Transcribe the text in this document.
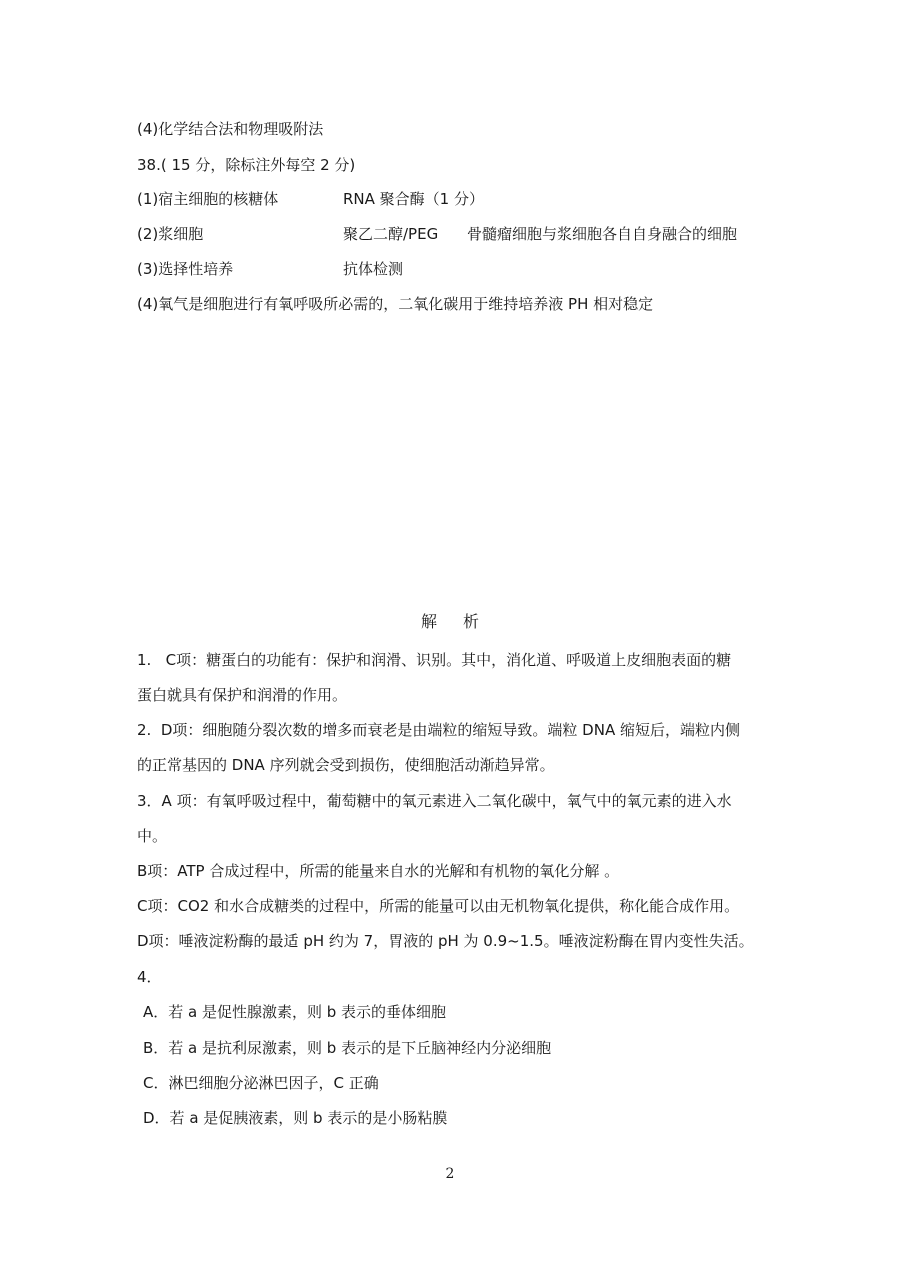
(4)化学结合法和物理吸附法
38.( 15 分，除标注外每空 2 分)
(1)宿主细胞的核糖体	RNA 聚合酶（1 分）
(2)浆细胞	聚乙二醇/PEG 骨髓瘤细胞与浆细胞各自自身融合的细胞
(3)选择性培养	抗体检测
(4)氧气是细胞进行有氧呼吸所必需的，二氧化碳用于维持培养液 PH 相对稳定
解析
1.   C项：糖蛋白的功能有：保护和润滑、识别。其中，消化道、呼吸道上皮细胞表面的糖
蛋白就具有保护和润滑的作用。
2.  D项：细胞随分裂次数的增多而衰老是由端粒的缩短导致。端粒 DNA 缩短后，端粒内侧
的正常基因的 DNA 序列就会受到损伤，使细胞活动渐趋异常。
3．A 项：有氧呼吸过程中，葡萄糖中的氧元素进入二氧化碳中，氧气中的氧元素的进入水
中。
B项：ATP 合成过程中，所需的能量来自水的光解和有机物的氧化分解 。
C项：CO2 和水合成糖类的过程中，所需的能量可以由无机物氧化提供，称化能合成作用。
D项：唾液淀粉酶的最适 pH 约为 7，胃液的 pH 为 0.9~1.5。唾液淀粉酶在胃内变性失活。
4．
A．若 a 是促性腺激素，则 b 表示的垂体细胞
B．若 a 是抗利尿激素，则 b 表示的是下丘脑神经内分泌细胞
C．淋巴细胞分泌淋巴因子，C 正确
D．若 a 是促胰液素，则 b 表示的是小肠粘膜
2
